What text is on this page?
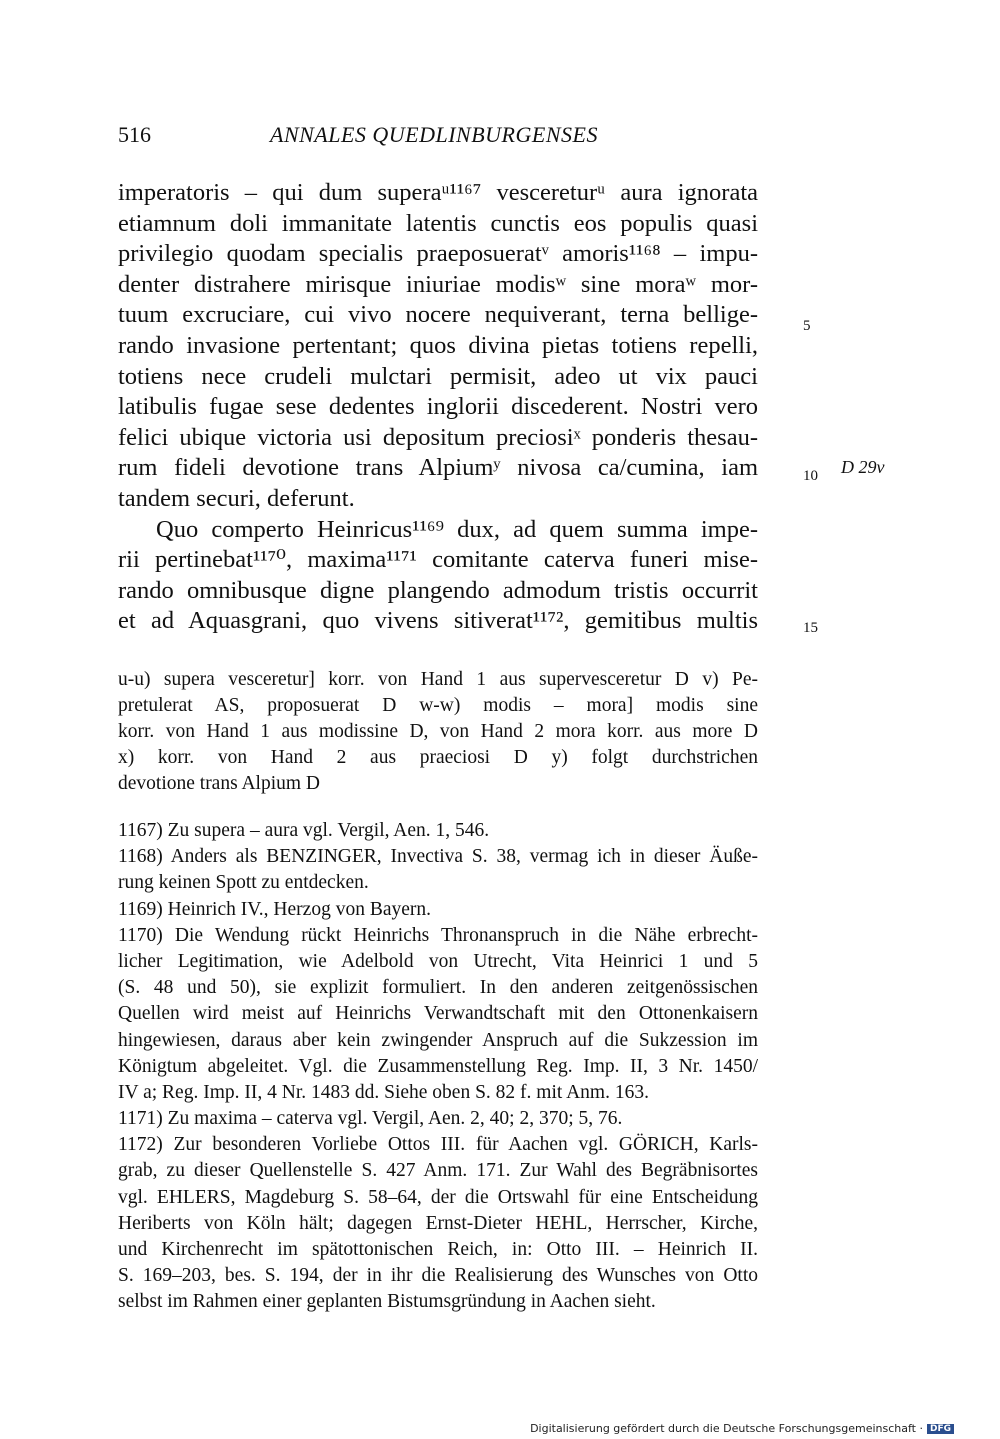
516	ANNALES QUEDLINBURGENSES
imperatoris – qui dum superaᵘ¹¹⁶⁷ vescereturᵘ aura ignorata
etiamnum doli immanitate latentis cunctis eos populis quasi
privilegio quodam specialis praeposueratᵛ amoris¹¹⁶⁸ – impu-
denter distrahere mirisque iniuriae modisʷ sine moraʷ mor-
tuum excruciare, cui vivo nocere nequiverant, terna bellige-
rando invasione pertentant; quos divina pietas totiens repelli,
totiens nece crudeli mulctari permisit, adeo ut vix pauci
latibulis fugae sese dedentes inglorii discederent. Nostri vero
felici ubique victoria usi depositum preciosiˣ ponderis thesau-
rum fideli devotione trans Alpiumʸ nivosa ca/cumina, iam
tandem securi, deferunt.
Quo comperto Heinricus¹¹⁶⁹ dux, ad quem summa impe-
rii pertinebat¹¹⁷⁰, maxima¹¹⁷¹ comitante caterva funeri mise-
rando omnibusque digne plangendo admodum tristis occurrit
et ad Aquasgrani, quo vivens sitiverat¹¹⁷², gemitibus multis
5
10
15
D 29v
u-u) supera vesceretur] korr. von Hand 1 aus supervesceretur D v) Pe-
pretulerat AS, proposuerat D w-w) modis – mora] modis sine
korr. von Hand 1 aus modissine D, von Hand 2 mora korr. aus more D
x) korr. von Hand 2 aus praeciosi D y) folgt durchstrichen
devotione trans Alpium D
1167) Zu supera – aura vgl. Vergil, Aen. 1, 546.
1168) Anders als BENZINGER, Invectiva S. 38, vermag ich in dieser Äuße-
rung keinen Spott zu entdecken.
1169) Heinrich IV., Herzog von Bayern.
1170) Die Wendung rückt Heinrichs Thronanspruch in die Nähe erbrecht-
licher Legitimation, wie Adelbold von Utrecht, Vita Heinrici 1 und 5
(S. 48 und 50), sie explizit formuliert. In den anderen zeitgenössischen
Quellen wird meist auf Heinrichs Verwandtschaft mit den Ottonenkaisern
hingewiesen, daraus aber kein zwingender Anspruch auf die Sukzession im
Königtum abgeleitet. Vgl. die Zusammenstellung Reg. Imp. II, 3 Nr. 1450/
IV a; Reg. Imp. II, 4 Nr. 1483 dd. Siehe oben S. 82 f. mit Anm. 163.
1171) Zu maxima – caterva vgl. Vergil, Aen. 2, 40; 2, 370; 5, 76.
1172) Zur besonderen Vorliebe Ottos III. für Aachen vgl. GÖRICH, Karls-
grab, zu dieser Quellenstelle S. 427 Anm. 171. Zur Wahl des Begräbnisortes
vgl. EHLERS, Magdeburg S. 58–64, der die Ortswahl für eine Entscheidung
Heriberts von Köln hält; dagegen Ernst-Dieter HEHL, Herrscher, Kirche,
und Kirchenrecht im spätottonischen Reich, in: Otto III. – Heinrich II.
S. 169–203, bes. S. 194, der in ihr die Realisierung des Wunsches von Otto
selbst im Rahmen einer geplanten Bistumsgründung in Aachen sieht.
Digitalisierung gefördert durch die Deutsche Forschungsgemeinschaft · DFG
